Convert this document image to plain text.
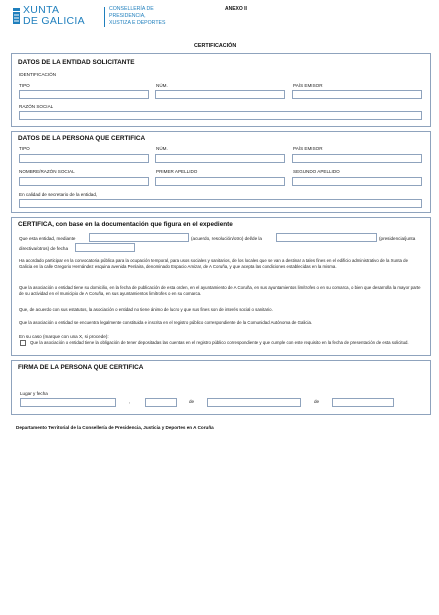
XUNTA
DE GALICIA
CONSELLERÍA DE
PRESIDENCIA,
XUSTIZA E DEPORTES
ANEXO II
CERTIFICACIÓN
DATOS DE LA ENTIDAD SOLICITANTE
IDENTIFICACIÓN
TIPO	NÚM.	PAÍS EMISOR
RAZÓN SOCIAL
DATOS DE LA PERSONA QUE CERTIFICA
TIPO	NÚM.	PAÍS EMISOR
NOMBRE/RAZÓN SOCIAL	PRIMER APELLIDO	SEGUNDO APELLIDO
En calidad de secretario de la entidad,
CERTIFICA, con base en la documentación que figura en el expediente
Que esta entidad, mediante	(acuerdo, resolución/otro) del/de la	(presidencia/junta
directiva/otros) de fecha
Ha acordado participar en la convocatoria pública para la ocupación temporal, para usos sociales y sanitarios, de los locales que se van a destinar a tales fines en el edificio administrativo de la Xunta de Galicia en la calle Gregorio Hernández esquina avenida Penlaira, denominado Espacio Amizar, de A Coruña, y que acepta las condiciones establecidas en la misma.
Que la asociación o entidad tiene su domicilio, en la fecha de publicación de esta orden, en el ayuntamiento de A Coruña, en sus ayuntamientos limítrofes o en su comarca, o bien que desarrolla la mayor parte de su actividad en el municipio de A Coruña, en sus ayuntamientos limítrofes o en su comarca.
Que, de acuerdo con sus estatutos, la asociación o entidad no tiene ánimo de lucro y que sus fines son de interés social o sanitario.
Que la asociación o entidad se encuentra legalmente constituida e inscrita en el registro público correspondiente de la Comunidad Autónoma de Galicia.
En su caso (marque con una X, si procede):
Que la asociación o entidad tiene la obligación de tener depositadas las cuentas en el registro público correspondiente y que cumple con este requisito en la fecha de presentación de esta solicitud.
FIRMA DE LA PERSONA QUE CERTIFICA
Lugar y fecha
,	de	de
Departamento Territorial de la Consellería de Presidencia, Justicia y Deportes en A Coruña
